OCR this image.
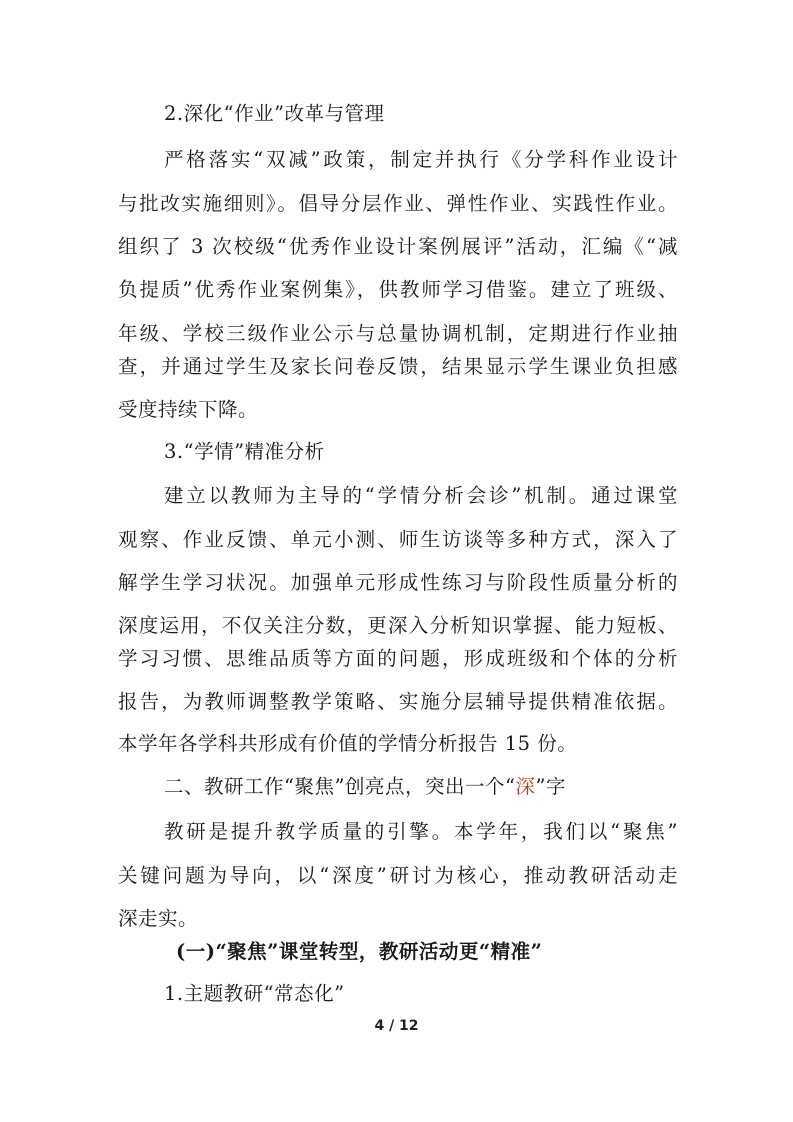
2.深化“作业”改革与管理
严格落实“双减”政策，制定并执行《分学科作业设计
与批改实施细则》。倡导分层作业、弹性作业、实践性作业。
组织了 3 次校级“优秀作业设计案例展评”活动，汇编《“减
负提质”优秀作业案例集》，供教师学习借鉴。建立了班级、
年级、学校三级作业公示与总量协调机制，定期进行作业抽
查，并通过学生及家长问卷反馈，结果显示学生课业负担感
受度持续下降。
3.“学情”精准分析
建立以教师为主导的“学情分析会诊”机制。通过课堂
观察、作业反馈、单元小测、师生访谈等多种方式，深入了
解学生学习状况。加强单元形成性练习与阶段性质量分析的
深度运用，不仅关注分数，更深入分析知识掌握、能力短板、
学习习惯、思维品质等方面的问题，形成班级和个体的分析
报告，为教师调整教学策略、实施分层辅导提供精准依据。
本学年各学科共形成有价值的学情分析报告 15 份。
二、教研工作“聚焦”创亮点，突出一个“深”字
教研是提升教学质量的引擎。本学年，我们以“聚焦”
关键问题为导向，以“深度”研讨为核心，推动教研活动走
深走实。
(一)“聚焦”课堂转型，教研活动更“精准”
1.主题教研“常态化”
4 / 12
